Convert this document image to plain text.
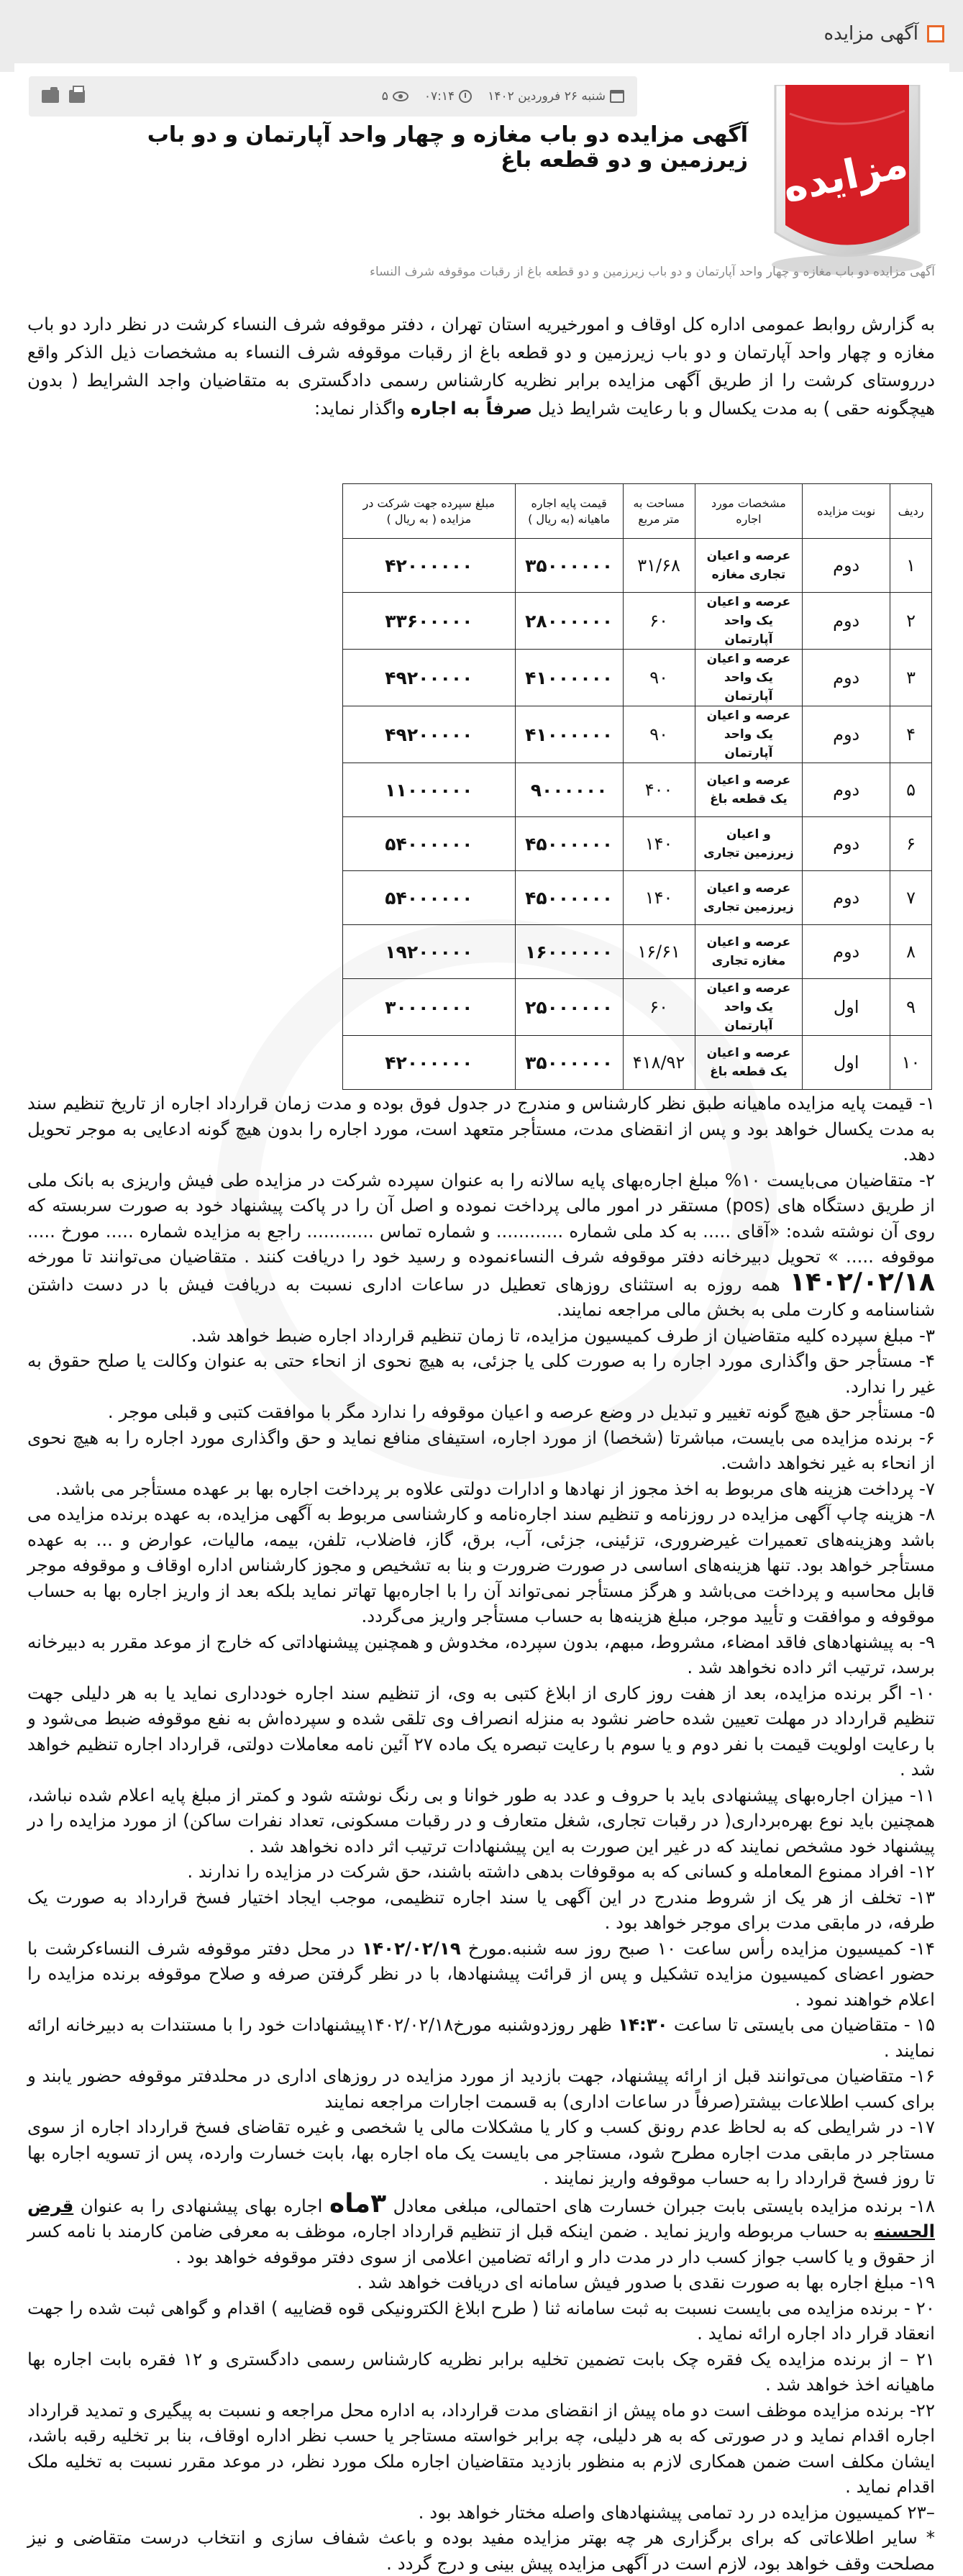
آگهی مزایده
شنبه ۲۶ فروردین ۱۴۰۲
۰۷:۱۴
۵
مزایده
آگهی مزایده دو باب مغازه و چهار واحد آپارتمان و دو باب زیرزمین و دو قطعه باغ
آگهی مزایده دو باب مغازه و چهار واحد آپارتمان و دو باب زیرزمین و دو قطعه باغ از رقبات موقوفه شرف النساء
به گزارش روابط عمومی اداره کل اوقاف و امورخیریه استان تهران ، دفتر موقوفه شرف النساء کرشت در نظر دارد دو باب مغازه و چهار واحد آپارتمان و دو باب زیرزمین و دو قطعه باغ از رقبات موقوفه شرف النساء به مشخصات ذیل الذکر واقع درروستای کرشت را از طریق آگهی مزایده برابر نظریه کارشناس رسمی دادگستری به متقاضیان واجد الشرایط ( بدون هیچگونه حقی ) به مدت یکسال و با رعایت شرایط ذیل صرفاً به اجاره واگذار نماید:
ردیف	نوبت مزایده	مشخصات مورد اجاره	مساحت به متر مربع	قیمت پایه اجاره ماهیانه (به ریال )	مبلغ سپرده جهت شرکت در مزایده ( به ریال )
۱	دوم	عرصه و اعیان تجاری مغازه	۳۱/۶۸	۳۵۰۰۰۰۰۰	۴۲۰۰۰۰۰۰
۲	دوم	عرصه و اعیان یک واحد آپارتمان	۶۰	۲۸۰۰۰۰۰۰	۳۳۶۰۰۰۰۰
۳	دوم	عرصه و اعیان یک واحد آپارتمان	۹۰	۴۱۰۰۰۰۰۰	۴۹۲۰۰۰۰۰
۴	دوم	عرصه و اعیان یک واحد آپارتمان	۹۰	۴۱۰۰۰۰۰۰	۴۹۲۰۰۰۰۰
۵	دوم	عرصه و اعیان یک قطعه باغ	۴۰۰	۹۰۰۰۰۰۰	۱۱۰۰۰۰۰۰
۶	دوم	و اعیان زیرزمین تجاری	۱۴۰	۴۵۰۰۰۰۰۰	۵۴۰۰۰۰۰۰
۷	دوم	عرصه و اعیان زیرزمین تجاری	۱۴۰	۴۵۰۰۰۰۰۰	۵۴۰۰۰۰۰۰
۸	دوم	عرصه و اعیان مغازه تجاری	۱۶/۶۱	۱۶۰۰۰۰۰۰	۱۹۲۰۰۰۰۰
۹	اول	عرصه و اعیان یک واحد آپارتمان	۶۰	۲۵۰۰۰۰۰۰	۳۰۰۰۰۰۰۰
۱۰	اول	عرصه و اعیان یک قطعه باغ	۴۱۸/۹۲	۳۵۰۰۰۰۰۰	۴۲۰۰۰۰۰۰

۱- قیمت پایه مزایده ماهیانه طبق نظر کارشناس و مندرج در جدول فوق بوده و مدت زمان قرارداد اجاره از تاریخ تنظیم سند به مدت یکسال خواهد بود و پس از انقضای مدت، مستأجر متعهد است، مورد اجاره را بدون هیچ گونه ادعایی به موجر تحویل دهد.

۲- متقاضیان می‌بایست ۱۰% مبلغ اجاره‌بهای پایه سالانه را به عنوان سپرده شرکت در مزایده طی فیش واریزی به بانک ملی از طریق دستگاه های (pos) مستقر در امور مالی پرداخت نموده و اصل آن را در پاکت پیشنهاد خود به صورت سربسته که روی آن نوشته شده: «آقای ..... به کد ملی شماره ............ و شماره تماس ............ راجع به مزایده شماره ..... مورخ ..... موقوفه ..... » تحویل دبیرخانه دفتر موقوفه شرف النساءنموده و رسید خود را دریافت کنند . متقاضیان می‌توانند تا مورخه ۱۴۰۲/۰۲/۱۸ همه روزه به استثنای روزهای تعطیل در ساعات اداری نسبت به دریافت فیش با در دست داشتن شناسنامه و کارت ملی به بخش مالی مراجعه نمایند.

۳- مبلغ سپرده کلیه متقاضیان از طرف کمیسیون مزایده، تا زمان تنظیم قرارداد اجاره ضبط خواهد شد.

۴- مستأجر حق واگذاری مورد اجاره را به صورت کلی یا جزئی، به هیچ نحوی از انحاء حتی به عنوان وکالت یا صلح حقوق به غیر را ندارد.

۵- مستأجر حق هیچ گونه تغییر و تبدیل در وضع عرصه و اعیان موقوفه را ندارد مگر با موافقت کتبی و قبلی موجر .

۶- برنده مزایده می بایست، مباشرتا (شخصا) از مورد اجاره، استیفای منافع نماید و حق واگذاری مورد اجاره را به هیچ نحوی از انحاء به غیر نخواهد داشت.

۷- پرداخت هزینه های مربوط به اخذ مجوز از نهادها و ادارات دولتی علاوه بر پرداخت اجاره بها بر عهده مستأجر می باشد.

۸- هزینه چاپ آگهی مزایده در روزنامه و تنظیم سند اجاره‌نامه و کارشناسی مربوط به آگهی مزایده، به عهده برنده مزایده می باشد وهزینه‌های تعمیرات غیرضروری، تزئینی، جزئی، آب، برق، گاز، فاضلاب، تلفن، بیمه، مالیات، عوارض و ... به عهده مستأجر خواهد بود. تنها هزینه‌های اساسی در صورت ضرورت و بنا به تشخیص و مجوز کارشناس اداره اوقاف و موقوفه موجر قابل محاسبه و پرداخت می‌باشد و هرگز مستأجر نمی‌تواند آن را با اجاره‌بها تهاتر نماید بلکه بعد از واریز اجاره بها به حساب موقوفه و موافقت و تأیید موجر، مبلغ هزینه‌ها به حساب مستأجر واریز می‌گردد.

۹- به پیشنهادهای فاقد امضاء، مشروط، مبهم، بدون سپرده، مخدوش و همچنین پیشنهاداتی که خارج از موعد مقرر به دبیرخانه برسد، ترتیب اثر داده نخواهد شد .

۱۰- اگر برنده مزایده، بعد از هفت روز کاری از ابلاغ کتبی به وی، از تنظیم سند اجاره خودداری نماید یا به هر دلیلی جهت تنظیم قرارداد در مهلت تعیین شده حاضر نشود به منزله انصراف وی تلقی شده و سپرده‌اش به نفع موقوفه ضبط می‌شود و با رعایت اولویت قیمت با نفر دوم و یا سوم با رعایت تبصره یک ماده ۲۷ آئین نامه معاملات دولتی، قرارداد اجاره تنظیم خواهد شد .

۱۱- میزان اجاره‌بهای پیشنهادی باید با حروف و عدد به طور خوانا و بی رنگ نوشته شود و کمتر از مبلغ پایه اعلام شده نباشد، همچنین باید نوع بهره‌برداری( در رقبات تجاری، شغل متعارف و در رقبات مسکونی، تعداد نفرات ساکن) از مورد مزایده را در پیشنهاد خود مشخص نمایند که در غیر این صورت به این پیشنهادات ترتیب اثر داده نخواهد شد .

۱۲- افراد ممنوع المعامله و کسانی که به موقوفات بدهی داشته باشند، حق شرکت در مزایده را ندارند .

۱۳- تخلف از هر یک از شروط مندرج در این آگهی یا سند اجاره تنظیمی، موجب ایجاد اختیار فسخ قرارداد به صورت یک طرفه، در مابقی مدت برای موجر خواهد بود .

۱۴- کمیسیون مزایده رأس ساعت ۱۰ صبح روز سه شنبه.مورخ ۱۴۰۲/۰۲/۱۹ در محل دفتر موقوفه شرف النساءکرشت با حضور اعضای کمیسیون مزایده تشکیل و پس از قرائت پیشنهادها، با در نظر گرفتن صرفه و صلاح موقوفه برنده مزایده را اعلام خواهند نمود .

۱۵ - متقاضیان می بایستی تا ساعت ۱۴:۳۰ ظهر روزدوشنبه مورخ۱۴۰۲/۰۲/۱۸پیشنهادات خود را با مستندات به دبیرخانه ارائه نمایند .

۱۶- متقاضیان می‌توانند قبل از ارائه پیشنهاد، جهت بازدید از مورد مزایده در روزهای اداری در محلدفتر موقوفه حضور یابند و برای کسب اطلاعات بیشتر(صرفاً در ساعات اداری) به قسمت اجارات مراجعه نمایند

۱۷- در شرایطی که به لحاظ عدم رونق کسب و کار یا مشکلات مالی یا شخصی و غیره تقاضای فسخ قرارداد اجاره از سوی مستاجر در مابقی مدت اجاره مطرح شود، مستاجر می بایست یک ماه اجاره بها، بابت خسارت وارده، پس از تسویه اجاره بها تا روز فسخ قرارداد را به حساب موقوفه واریز نمایند .

۱۸- برنده مزایده بایستی بابت جبران خسارت های احتمالی، مبلغی معادل ۳ماه اجاره بهای پیشنهادی را به عنوان قرض الحسنه به حساب مربوطه واریز نماید . ضمن اینکه قبل از تنظیم قرارداد اجاره، موظف به معرفی ضامن کارمند با نامه کسر از حقوق و یا کاسب جواز کسب دار در مدت دار و ارائه تضامین اعلامی از سوی دفتر موقوفه خواهد بود .

۱۹- مبلغ اجاره بها به صورت نقدی با صدور فیش سامانه ای دریافت خواهد شد .

۲۰ - برنده مزایده می بایست نسبت به ثبت سامانه ثنا ( طرح ابلاغ الکترونیکی قوه قضاییه ) اقدام و گواهی ثبت شده را جهت انعقاد قرار داد اجاره ارائه نماید .

۲۱ – از برنده مزایده یک فقره چک بابت تضمین تخلیه برابر نظریه کارشناس رسمی دادگستری و ۱۲ فقره بابت اجاره بها ماهیانه اخذ خواهد شد .

۲۲- برنده مزایده موظف است دو ماه پیش از انقضای مدت قرارداد، به اداره محل مراجعه و نسبت به پیگیری و تمدید قرارداد اجاره اقدام نماید و در صورتی که به هر دلیلی، چه برابر خواسته مستاجر یا حسب نظر اداره اوقاف، بنا بر تخلیه رقبه باشد، ایشان مکلف است ضمن همکاری لازم به منظور بازدید متقاضیان اجاره ملک مورد نظر، در موعد مقرر نسبت به تخلیه ملک اقدام نماید .

–۲۳ کمیسیون مزایده در رد تمامی پیشنهادهای واصله مختار خواهد بود .

* سایر اطلاعاتی که برای برگزاری هر چه بهتر مزایده مفید بوده و باعث شفاف سازی و انتخاب درست متقاضی و نیز مصلحت وقف خواهد بود، لازم است در آگهی مزایده پیش بینی و درج گردد .
